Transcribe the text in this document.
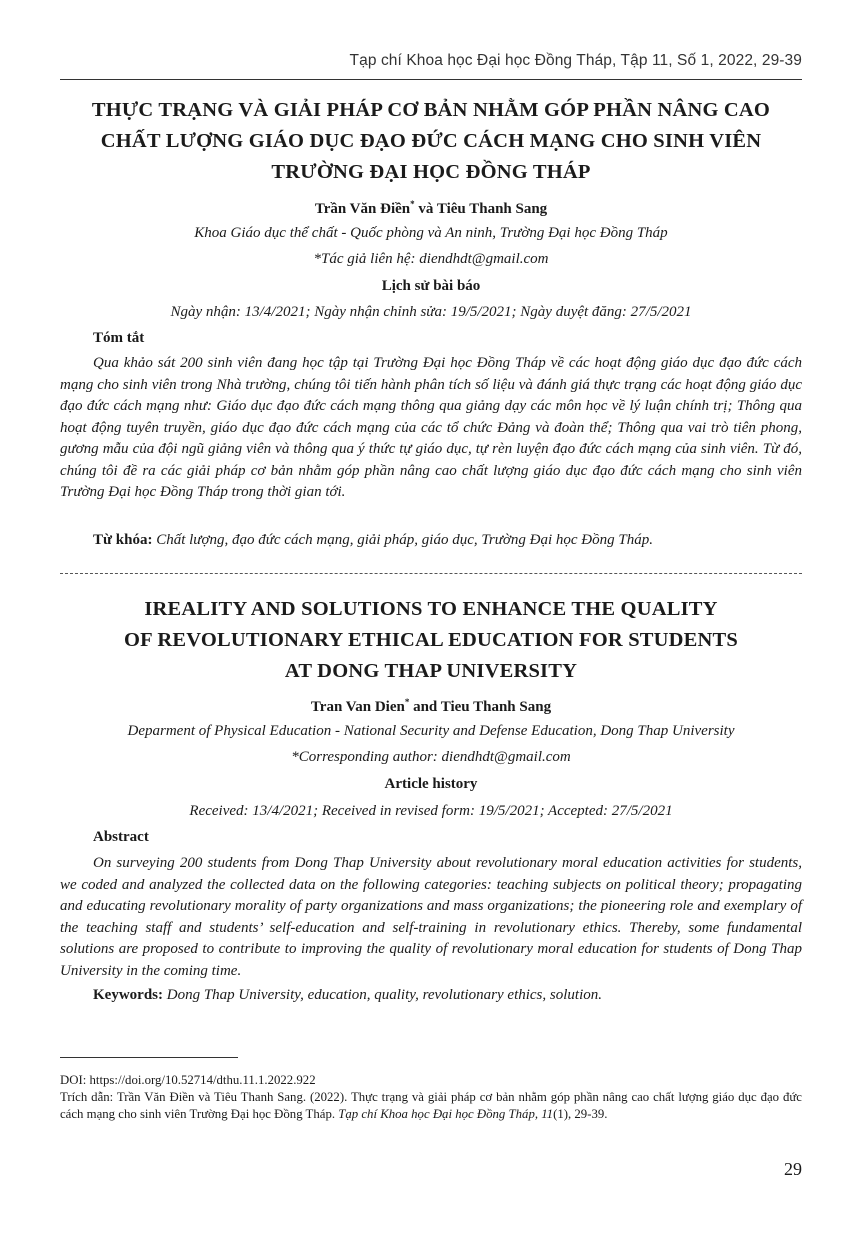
Tạp chí Khoa học Đại học Đồng Tháp, Tập 11, Số 1, 2022, 29-39
THỰC TRẠNG VÀ GIẢI PHÁP CƠ BẢN NHẰM GÓP PHẦN NÂNG CAO
CHẤT LƯỢNG GIÁO DỤC ĐẠO ĐỨC CÁCH MẠNG CHO SINH VIÊN
TRƯỜNG ĐẠI HỌC ĐỒNG THÁP
Trần Văn Điền* và Tiêu Thanh Sang
Khoa Giáo dục thể chất - Quốc phòng và An ninh, Trường Đại học Đồng Tháp
*Tác giả liên hệ: diendhdt@gmail.com
Lịch sử bài báo
Ngày nhận: 13/4/2021; Ngày nhận chỉnh sửa: 19/5/2021; Ngày duyệt đăng: 27/5/2021
Tóm tắt
Qua khảo sát 200 sinh viên đang học tập tại Trường Đại học Đồng Tháp về các hoạt động giáo dục đạo đức cách mạng cho sinh viên trong Nhà trường, chúng tôi tiến hành phân tích số liệu và đánh giá thực trạng các hoạt động giáo dục đạo đức cách mạng như: Giáo dục đạo đức cách mạng thông qua giảng dạy các môn học về lý luận chính trị; Thông qua hoạt động tuyên truyền, giáo dục đạo đức cách mạng của các tổ chức Đảng và đoàn thể; Thông qua vai trò tiên phong, gương mẫu của đội ngũ giảng viên và thông qua ý thức tự giáo dục, tự rèn luyện đạo đức cách mạng của sinh viên. Từ đó, chúng tôi đề ra các giải pháp cơ bản nhằm góp phần nâng cao chất lượng giáo dục đạo đức cách mạng cho sinh viên Trường Đại học Đồng Tháp trong thời gian tới.
Từ khóa: Chất lượng, đạo đức cách mạng, giải pháp, giáo dục, Trường Đại học Đồng Tháp.
IREALITY AND SOLUTIONS TO ENHANCE THE QUALITY
OF REVOLUTIONARY ETHICAL EDUCATION FOR STUDENTS
AT DONG THAP UNIVERSITY
Tran Van Dien* and Tieu Thanh Sang
Deparment of Physical Education - National Security and Defense Education, Dong Thap University
*Corresponding author: diendhdt@gmail.com
Article history
Received: 13/4/2021; Received in revised form: 19/5/2021; Accepted: 27/5/2021
Abstract
On surveying 200 students from Dong Thap University about revolutionary moral education activities for students, we coded and analyzed the collected data on the following categories: teaching subjects on political theory; propagating and educating revolutionary morality of party organizations and mass organizations; the pioneering role and exemplary of the teaching staff and students’ self-education and self-training in revolutionary ethics. Thereby, some fundamental solutions are proposed to contribute to improving the quality of revolutionary moral education for students of Dong Thap University in the coming time.
Keywords: Dong Thap University, education, quality, revolutionary ethics, solution.
DOI: https://doi.org/10.52714/dthu.11.1.2022.922
Trích dẫn: Trần Văn Điền và Tiêu Thanh Sang. (2022). Thực trạng và giải pháp cơ bản nhằm góp phần nâng cao chất lượng giáo dục đạo đức cách mạng cho sinh viên Trường Đại học Đồng Tháp. Tạp chí Khoa học Đại học Đồng Tháp, 11(1), 29-39.
29
